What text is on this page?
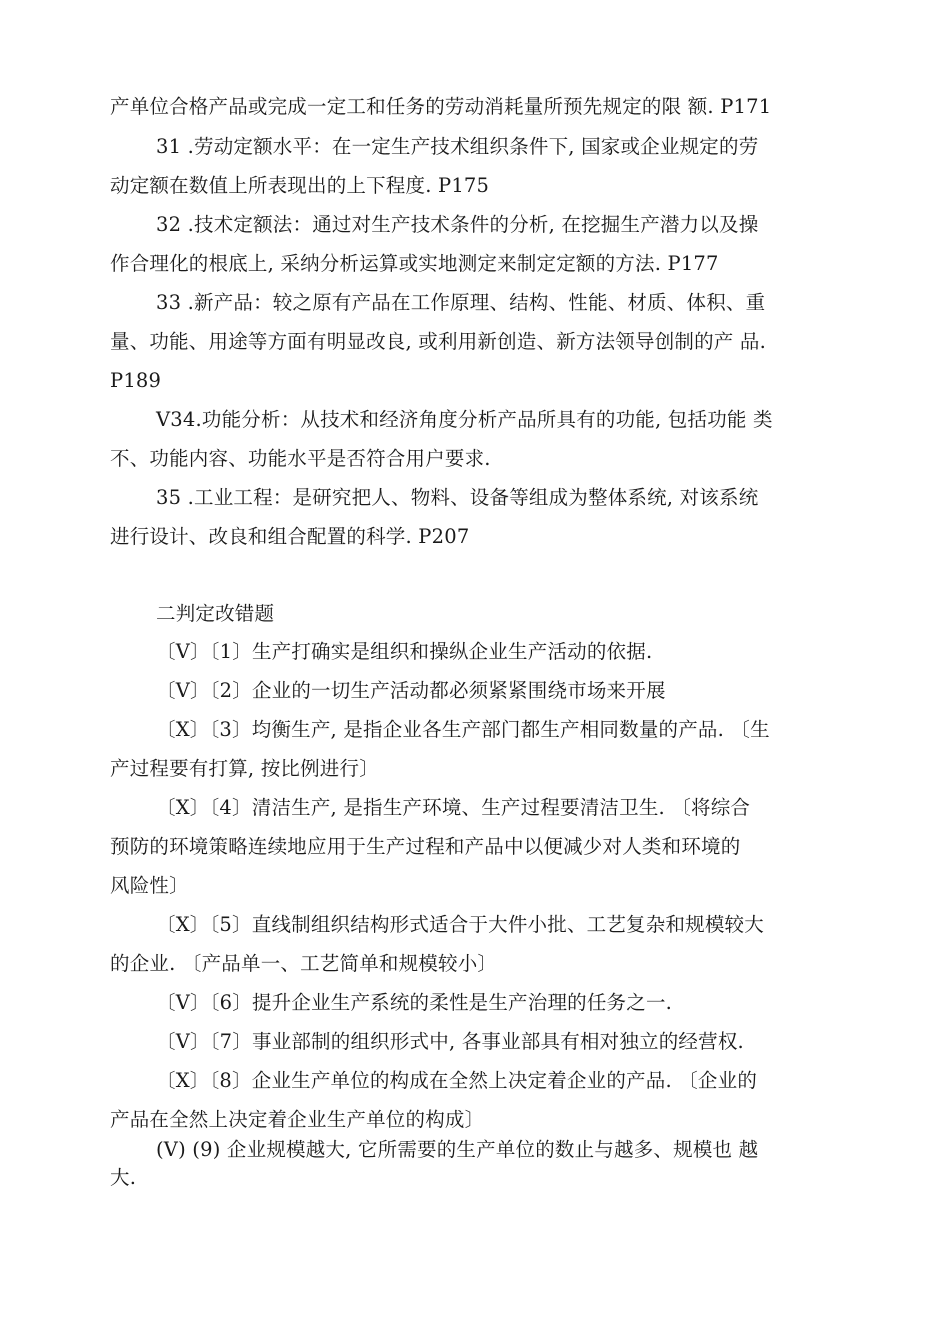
产单位合格产品或完成一定工和任务的劳动消耗量所预先规定的限 额. P171
31 .劳动定额水平：在一定生产技术组织条件下, 国家或企业规定的劳
动定额在数值上所表现出的上下程度. P175
32 .技术定额法：通过对生产技术条件的分析, 在挖掘生产潜力以及操
作合理化的根底上, 采纳分析运算或实地测定来制定定额的方法. P177
33 .新产品：较之原有产品在工作原理、结构、性能、材质、体积、重
量、功能、用途等方面有明显改良, 或利用新创造、新方法领导创制的产 品.
P189
V34.功能分析：从技术和经济角度分析产品所具有的功能, 包括功能 类
不、功能内容、功能水平是否符合用户要求.
35 .工业工程：是研究把人、物料、设备等组成为整体系统, 对该系统
进行设计、改良和组合配置的科学. P207
二判定改错题
〔V〕〔1〕生产打确实是组织和操纵企业生产活动的依据.
〔V〕〔2〕企业的一切生产活动都必须紧紧围绕市场来开展
〔X〕〔3〕均衡生产, 是指企业各生产部门都生产相同数量的产品. 〔生
产过程要有打算, 按比例进行〕
〔X〕〔4〕清洁生产, 是指生产环境、生产过程要清洁卫生. 〔将综合
预防的环境策略连续地应用于生产过程和产品中以便减少对人类和环境的
风险性〕
〔X〕〔5〕直线制组织结构形式适合于大件小批、工艺复杂和规模较大
的企业. 〔产品单一、工艺简单和规模较小〕
〔V〕〔6〕提升企业生产系统的柔性是生产治理的任务之一.
〔V〕〔7〕事业部制的组织形式中, 各事业部具有相对独立的经营权.
〔X〕〔8〕企业生产单位的构成在全然上决定着企业的产品. 〔企业的
产品在全然上决定着企业生产单位的构成〕
(V) (9) 企业规模越大, 它所需要的生产单位的数止与越多、规模也 越
大.
